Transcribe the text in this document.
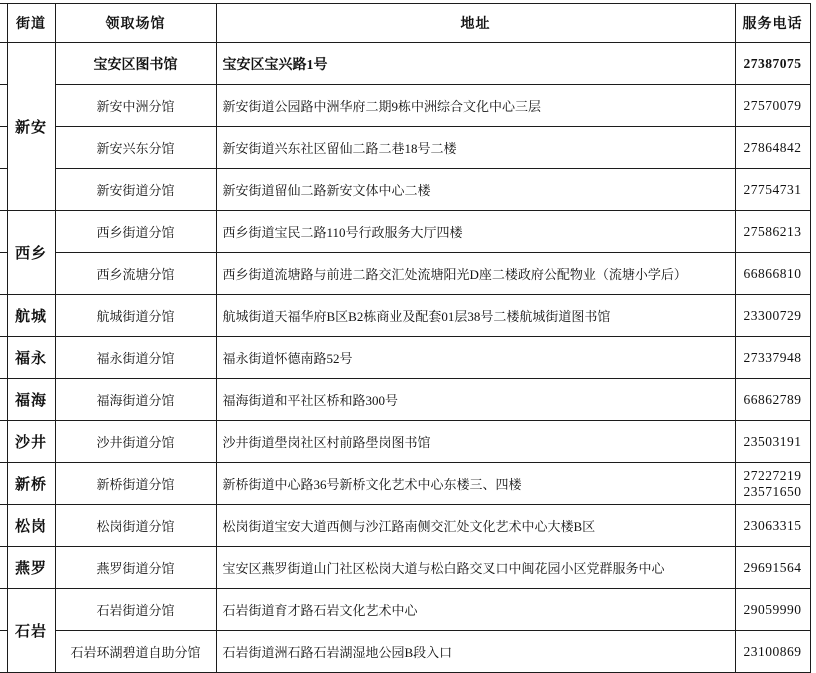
	街道	领取场馆	地址	服务电话
	新安	宝安区图书馆	宝安区宝兴路1号	27387075

		新安中洲分馆	新安街道公园路中洲华府二期9栋中洲综合文化中心三层	27570079

		新安兴东分馆	新安街道兴东社区留仙二路二巷18号二楼	27864842

		新安街道分馆	新安街道留仙二路新安文体中心二楼	27754731

	西乡	西乡街道分馆	西乡街道宝民二路110号行政服务大厅四楼	27586213

		西乡流塘分馆	西乡街道流塘路与前进二路交汇处流塘阳光D座二楼政府公配物业（流塘小学后）	66866810

	航城	航城街道分馆	航城街道天福华府B区B2栋商业及配套01层38号二楼航城街道图书馆	23300729

	福永	福永街道分馆	福永街道怀德南路52号	27337948

	福海	福海街道分馆	福海街道和平社区桥和路300号	66862789

	沙井	沙井街道分馆	沙井街道壆岗社区村前路壆岗图书馆	23503191

	新桥	新桥街道分馆	新桥街道中心路36号新桥文化艺术中心东楼三、四楼	27227219
23571650

	松岗	松岗街道分馆	松岗街道宝安大道西侧与沙江路南侧交汇处文化艺术中心大楼B区	23063315

	燕罗	燕罗街道分馆	宝安区燕罗街道山门社区松岗大道与松白路交叉口中闽花园小区党群服务中心	29691564

	石岩	石岩街道分馆	石岩街道育才路石岩文化艺术中心	29059990

		石岩环湖碧道自助分馆	石岩街道洲石路石岩湖湿地公园B段入口	23100869
